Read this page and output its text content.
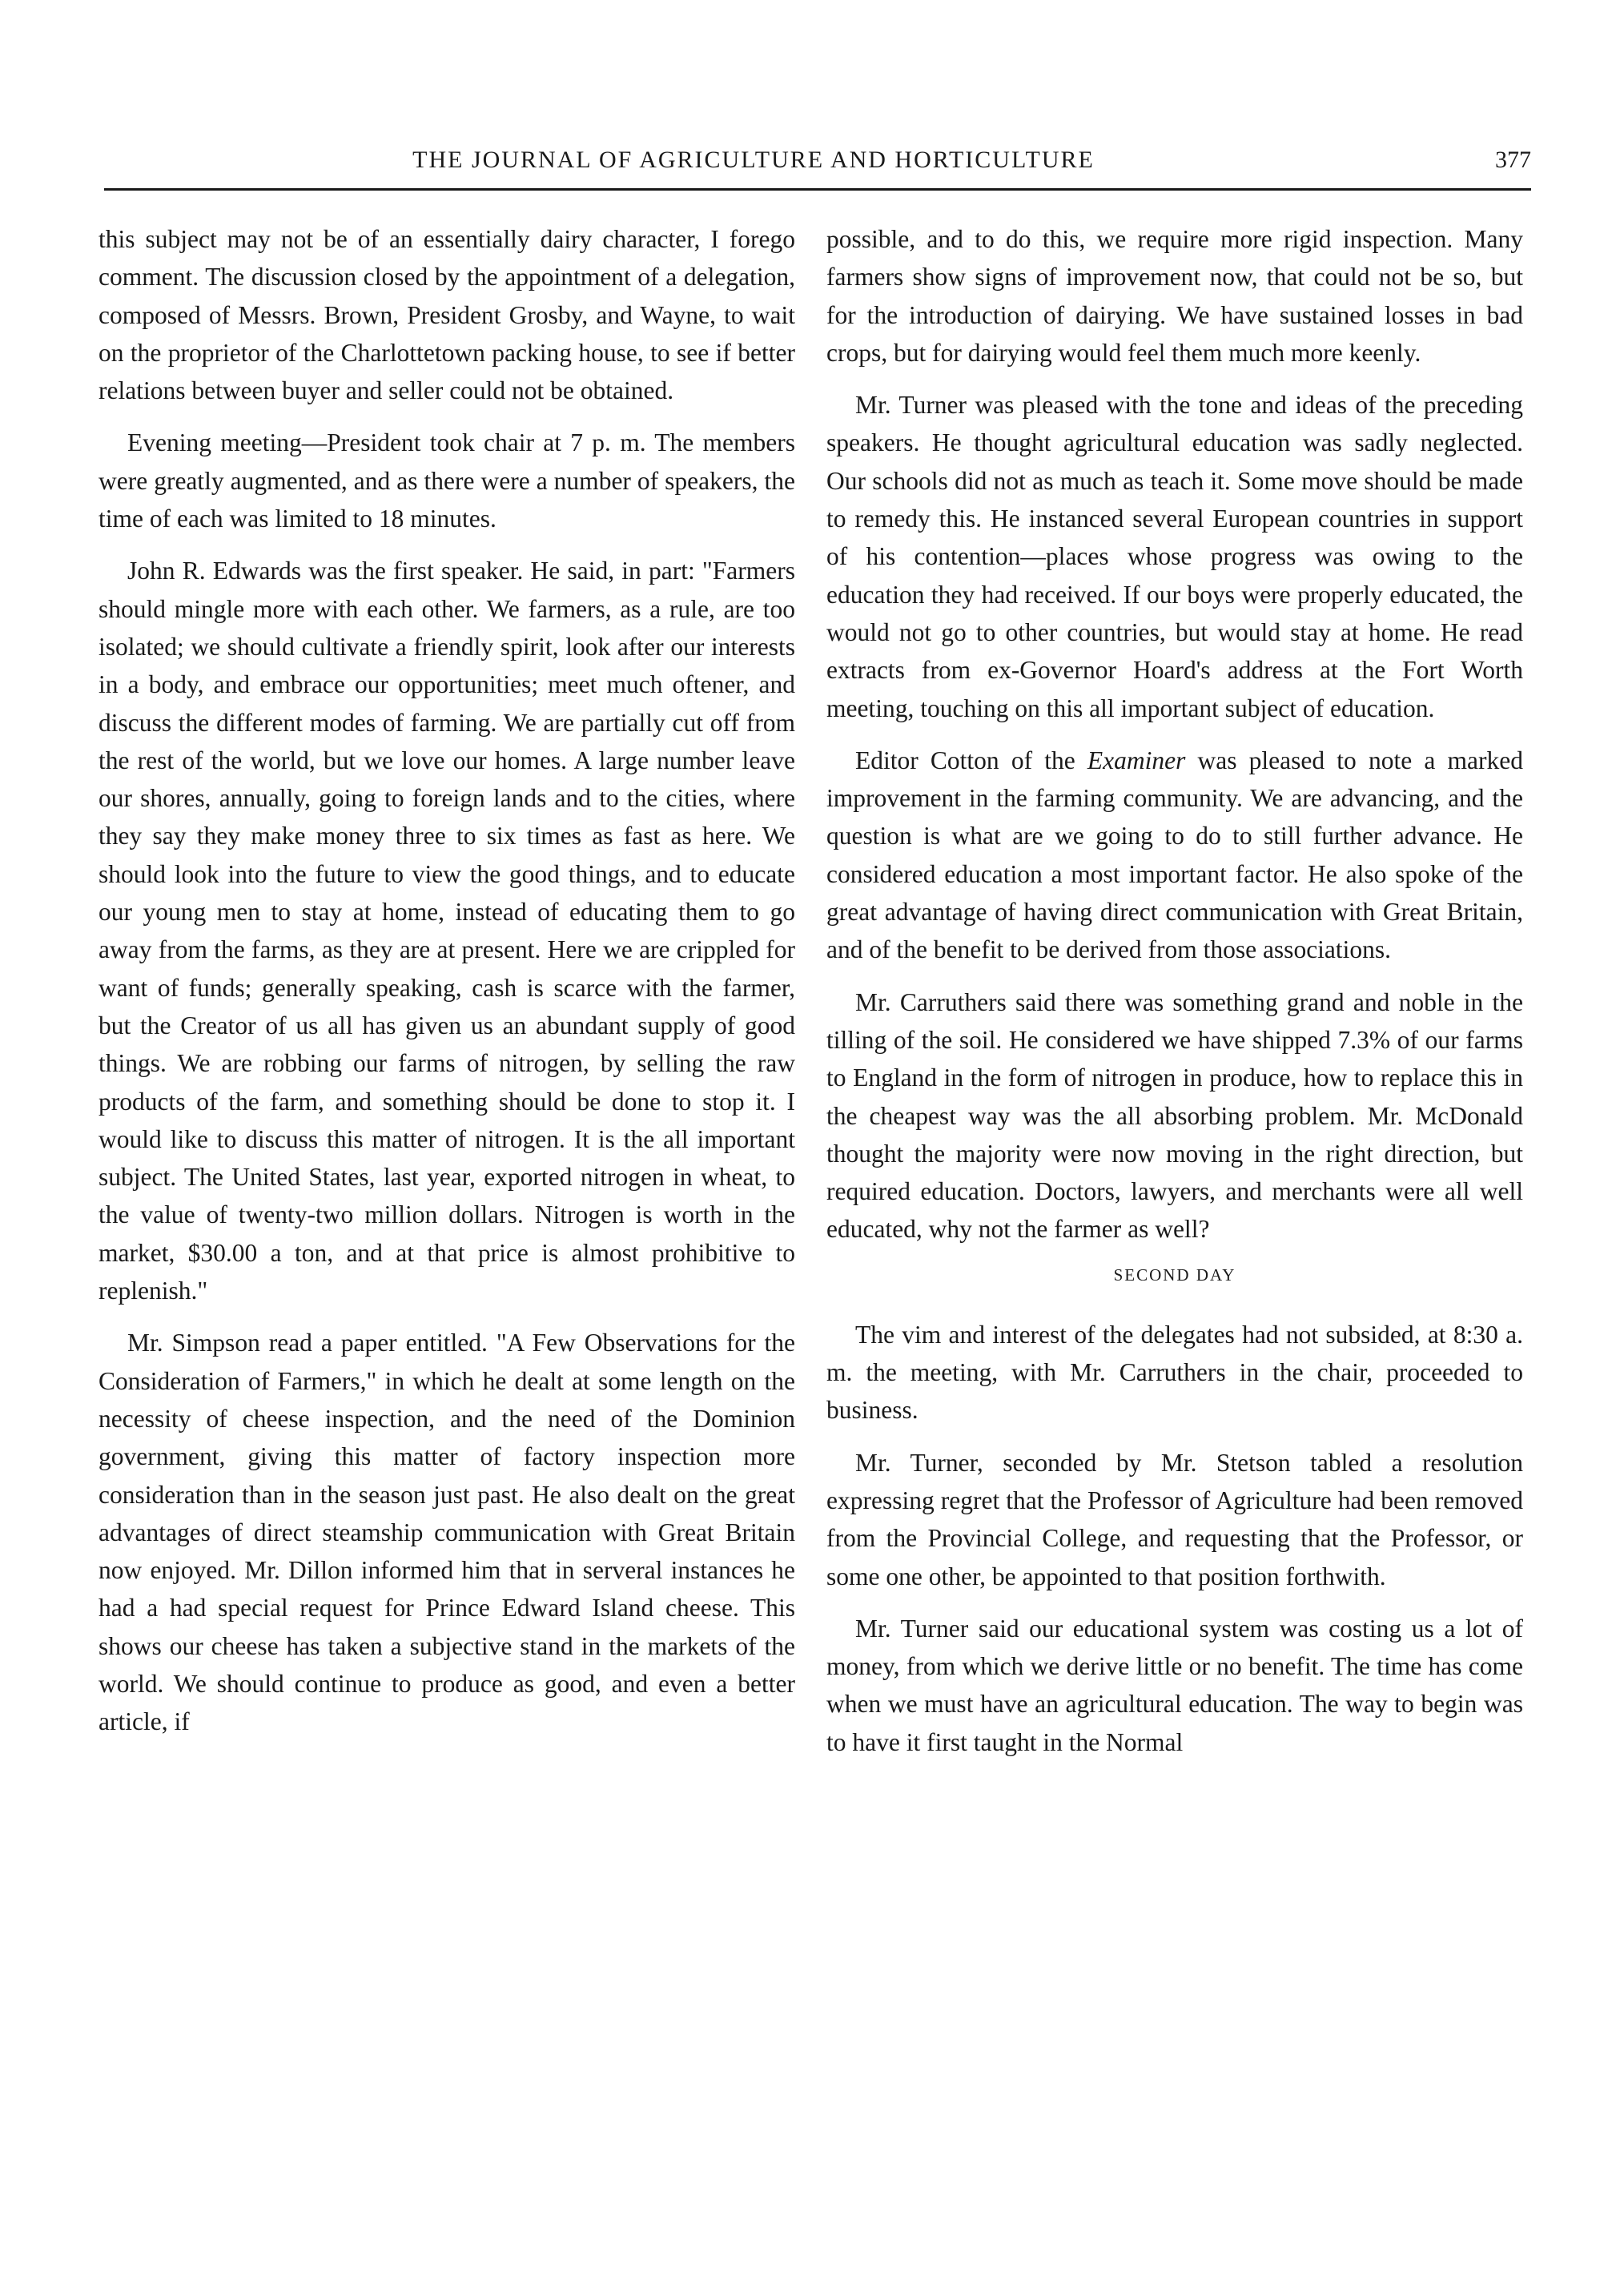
THE JOURNAL OF AGRICULTURE AND HORTICULTURE	377

this subject may not be of an essentially dairy character, I forego comment. The discussion closed by the appointment of a delegation, composed of Messrs. Brown, President Grosby, and Wayne, to wait on the proprietor of the Charlottetown packing house, to see if better relations between buyer and seller could not be obtained.

Evening meeting—President took chair at 7 p. m. The members were greatly augmented, and as there were a number of speakers, the time of each was limited to 18 minutes.

John R. Edwards was the first speaker. He said, in part: "Farmers should mingle more with each other. We farmers, as a rule, are too isolated; we should cultivate a friendly spirit, look after our interests in a body, and embrace our opportunities; meet much oftener, and discuss the different modes of farming. We are partially cut off from the rest of the world, but we love our homes. A large number leave our shores, annually, going to foreign lands and to the cities, where they say they make money three to six times as fast as here. We should look into the future to view the good things, and to educate our young men to stay at home, instead of educating them to go away from the farms, as they are at present. Here we are crippled for want of funds; generally speaking, cash is scarce with the farmer, but the Creator of us all has given us an abundant supply of good things. We are robbing our farms of nitrogen, by selling the raw products of the farm, and something should be done to stop it. I would like to discuss this matter of nitrogen. It is the all important subject. The United States, last year, exported nitrogen in wheat, to the value of twenty-two million dollars. Nitrogen is worth in the market, $30.00 a ton, and at that price is almost prohibitive to replenish."

Mr. Simpson read a paper entitled. "A Few Observations for the Consideration of Farmers," in which he dealt at some length on the necessity of cheese inspection, and the need of the Dominion government, giving this matter of factory inspection more consideration than in the season just past. He also dealt on the great advantages of direct steamship communication with Great Britain now enjoyed. Mr. Dillon informed him that in serveral instances he had a had special request for Prince Edward Island cheese. This shows our cheese has taken a subjective stand in the markets of the world. We should continue to produce as good, and even a better article, if

possible, and to do this, we require more rigid inspection. Many farmers show signs of improvement now, that could not be so, but for the introduction of dairying. We have sustained losses in bad crops, but for dairying would feel them much more keenly.

Mr. Turner was pleased with the tone and ideas of the preceding speakers. He thought agricultural education was sadly neglected. Our schools did not as much as teach it. Some move should be made to remedy this. He instanced several European countries in support of his contention—places whose progress was owing to the education they had received. If our boys were properly educated, the would not go to other countries, but would stay at home. He read extracts from ex-Governor Hoard's address at the Fort Worth meeting, touching on this all important subject of education.

Editor Cotton of the Examiner was pleased to note a marked improvement in the farming community. We are advancing, and the question is what are we going to do to still further advance. He considered education a most important factor. He also spoke of the great advantage of having direct communication with Great Britain, and of the benefit to be derived from those associations.

Mr. Carruthers said there was something grand and noble in the tilling of the soil. He considered we have shipped 7.3% of our farms to England in the form of nitrogen in produce, how to replace this in the cheapest way was the all absorbing problem. Mr. McDonald thought the majority were now moving in the right direction, but required education. Doctors, lawyers, and merchants were all well educated, why not the farmer as well?

SECOND DAY

The vim and interest of the delegates had not subsided, at 8:30 a. m. the meeting, with Mr. Carruthers in the chair, proceeded to business.

Mr. Turner, seconded by Mr. Stetson tabled a resolution expressing regret that the Professor of Agriculture had been removed from the Provincial College, and requesting that the Professor, or some one other, be appointed to that position forthwith.

Mr. Turner said our educational system was costing us a lot of money, from which we derive little or no benefit. The time has come when we must have an agricultural education. The way to begin was to have it first taught in the Normal
